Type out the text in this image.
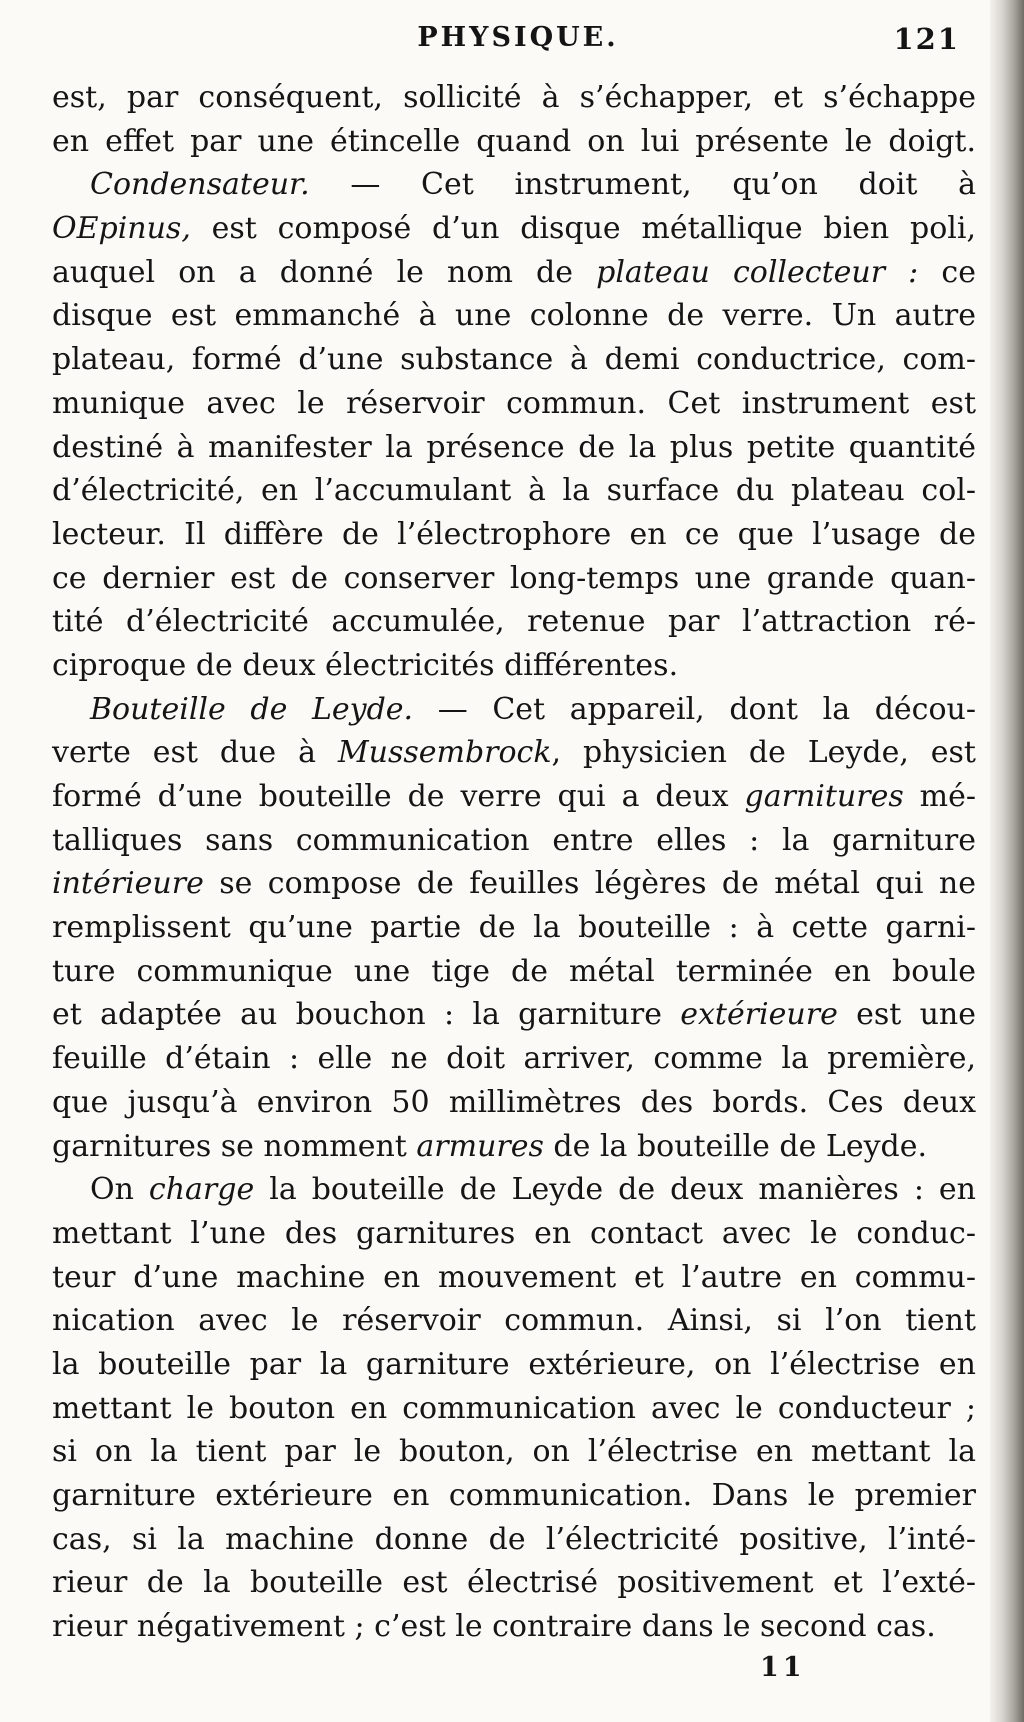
PHYSIQUE.	121
est, par conséquent, sollicité à s’échapper, et s’échappe
en effet par une étincelle quand on lui présente le doigt.
Condensateur. — Cet instrument, qu’on doit à
OEpinus, est composé d’un disque métallique bien poli,
auquel on a donné le nom de plateau collecteur : ce
disque est emmanché à une colonne de verre. Un autre
plateau, formé d’une substance à demi conductrice, com-
munique avec le réservoir commun. Cet instrument est
destiné à manifester la présence de la plus petite quantité
d’électricité, en l’accumulant à la surface du plateau col-
lecteur. Il diffère de l’électrophore en ce que l’usage de
ce dernier est de conserver long-temps une grande quan-
tité d’électricité accumulée, retenue par l’attraction ré-
ciproque de deux électricités différentes.
Bouteille de Leyde. — Cet appareil, dont la décou-
verte est due à Mussembrock, physicien de Leyde, est
formé d’une bouteille de verre qui a deux garnitures mé-
talliques sans communication entre elles : la garniture
intérieure se compose de feuilles légères de métal qui ne
remplissent qu’une partie de la bouteille : à cette garni-
ture communique une tige de métal terminée en boule
et adaptée au bouchon : la garniture extérieure est une
feuille d’étain : elle ne doit arriver, comme la première,
que jusqu’à environ 50 millimètres des bords. Ces deux
garnitures se nomment armures de la bouteille de Leyde.
On charge la bouteille de Leyde de deux manières : en
mettant l’une des garnitures en contact avec le conduc-
teur d’une machine en mouvement et l’autre en commu-
nication avec le réservoir commun. Ainsi, si l’on tient
la bouteille par la garniture extérieure, on l’électrise en
mettant le bouton en communication avec le conducteur ;
si on la tient par le bouton, on l’électrise en mettant la
garniture extérieure en communication. Dans le premier
cas, si la machine donne de l’électricité positive, l’inté-
rieur de la bouteille est électrisé positivement et l’exté-
rieur négativement ; c’est le contraire dans le second cas.
11
